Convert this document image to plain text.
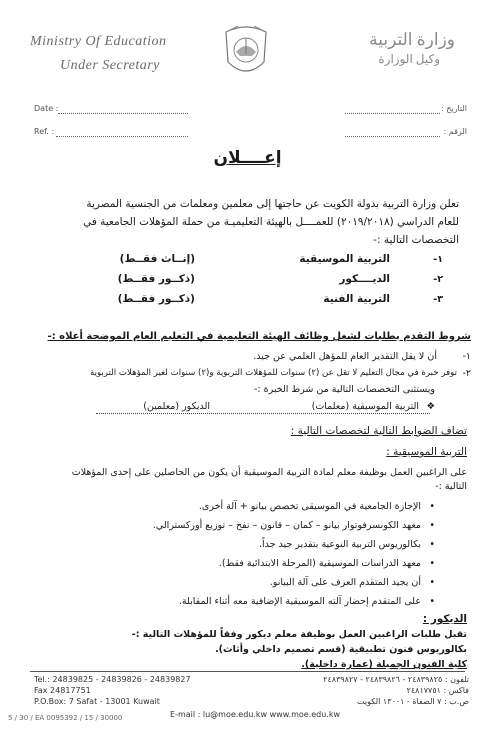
Ministry Of Education
Under Secretary
وزارة التربية
وكيل الوزارة
Date :
Ref. :
التاريخ :
الرقم :
إعــــلان
تعلن وزارة التربية بدولة الكويت عن حاجتها إلى معلمين ومعلمات من الجنسية المصرية
للعام الدراسي (٢٠١٩/٢٠١٨) للعمــــل بالهيئة التعليميـة من حملة المؤهلات الجامعية في
التخصصات التالية :-
١-
التربية الموسيقية
(إنــاث فقــط)
٢-
الديــــكور
(ذكــور فقــط)
٣-
التربية الفنية
(ذكــور فقــط)
شروط التقدم بطلبات لشغل وظائف الهيئة التعليمية في التعليم العام الموضحة أعلاه :-
١-
أن لا يقل التقدير العام للمؤهل العلمي عن جيد.
٢-
توفر خبرة في مجال التعليم لا تقل عن (٢) سنوات للمؤهلات التربوية و(٢) سنوات لغير المؤهلات التربوية
ويستثنى التخصصات التالية من شرط الخبرة :-
❖
التربية الموسيقية (معلمات)
الديكور (معلمين)
تضاف الضوابط التالية لتخصصات التالية :
التربية الموسيقية :
على الراغبين العمل بوظيفة معلم لمادة التربية الموسيقية أن يكون من الحاصلين على إحدى المؤهلات
التالية :-
•
الإجازة الجامعية في الموسيقى تخصص بيانو + آلة أخرى.
•
معهد الكونسرفوتوار بيانو – كمان – قانون – نفخ – توزيع أوركسترالي.
•
بكالوريوس التربية النوعية بتقدير جيد جداً.
•
معهد الدراسات الموسيقية (المرحلة الابتدائية فقط).
•
أن يجيد المتقدم العزف على آلة البيانو.
•
على المتقدم إحضار آلته الموسيقية الإضافية معه أثناء المقابلة.
الديكور :
تقبل طلبات الراغبين العمل بوظيفة معلم ديكور وفقاً للمؤهلات التالية :-
بكالوريوس فنون تطبيقية (قسم تصميم داخلي وأثاث).
كلية الفنون الجميلة (عمارة داخلية).
Tel.: 24839825 - 24839826 - 24839827
Fax 24817751
P.O.Box: 7 Safat - 13001 Kuwait
تلفون : ٢٤٨٣٩٨٢٥ - ٢٤٨٣٩٨٢٦ - ٢٤٨٣٩٨٢٧
فاكس : ٢٤٨١٧٧٥١
ص.ب : ٧ الصفاة - ١٣٠٠١ الكويت
5 / 30 / EA 0095392 / 15 / 30000	E-mail : lu@moe.edu.kw www.moe.edu.kw
